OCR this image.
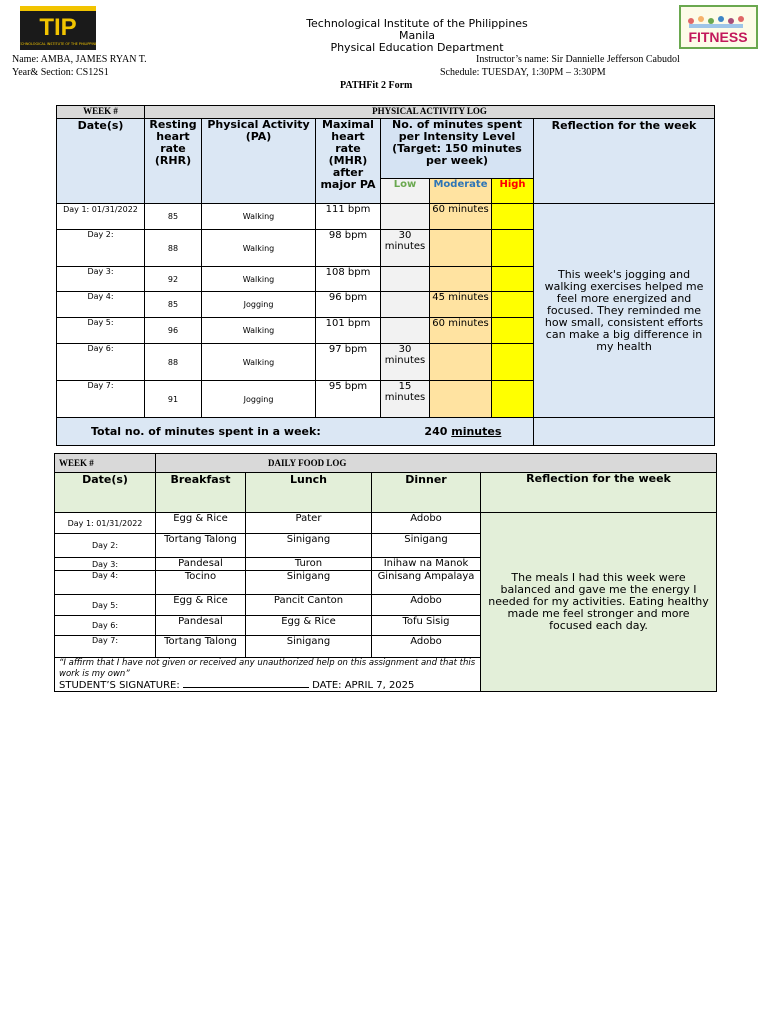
TIP
TECHNOLOGICAL INSTITUTE OF THE PHILIPPINES	FITNESS
Technological Institute of the Philippines
Manila
Physical Education Department
Name: AMBA, JAMES RYAN T.
Year& Section: CS12S1
Instructor’s name: Sir Dannielle Jefferson Cabudol
Schedule: TUESDAY, 1:30PM – 3:30PM
PATHFit 2 Form
WEEK #	PHYSICAL ACTIVITY LOG						
Date(s)	Resting heart rate (RHR)	Physical Activity (PA)	Maximal heart rate (MHR) after major PA	No. of minutes spent per Intensity Level (Target: 150 minutes per week)			Reflection for the week
				Low	Moderate	High	
Day 1: 01/31/2022	85	Walking	111 bpm		60 minutes		This week's jogging and walking exercises helped me feel more energized and focused. They reminded me how small, consistent efforts can make a big difference in my health
Day 2:	88	Walking	98 bpm	30 minutes			
Day 3:	92	Walking	108 bpm				
Day 4:	85	Jogging	96 bpm		45 minutes		
Day 5:	96	Walking	101 bpm		60 minutes		
Day 6:	88	Walking	97 bpm	30 minutes			
Day 7:	91	Jogging	95 bpm	15 minutes			
Total no. of minutes spent in a week: 240 minutes							
WEEK #	DAILY FOOD LOG			
Date(s)	Breakfast	Lunch	Dinner	Reflection for the week
Day 1: 01/31/2022	Egg & Rice	Pater	Adobo	The meals I had this week were balanced and gave me the energy I needed for my activities. Eating healthy made me feel stronger and more focused each day.
Day 2:	Tortang Talong	Sinigang	Sinigang	
Day 3:	Pandesal	Turon	Inihaw na Manok	
Day 4:	Tocino	Sinigang	Ginisang Ampalaya	
Day 5:	Egg & Rice	Pancit Canton	Adobo	
Day 6:	Pandesal	Egg & Rice	Tofu Sisig	
Day 7:	Tortang Talong	Sinigang	Adobo	

“I affirm that I have not given or received any unauthorized help on this assignment and that this work is my own”
STUDENT’S SIGNATURE: DATE: APRIL 7, 2025				
